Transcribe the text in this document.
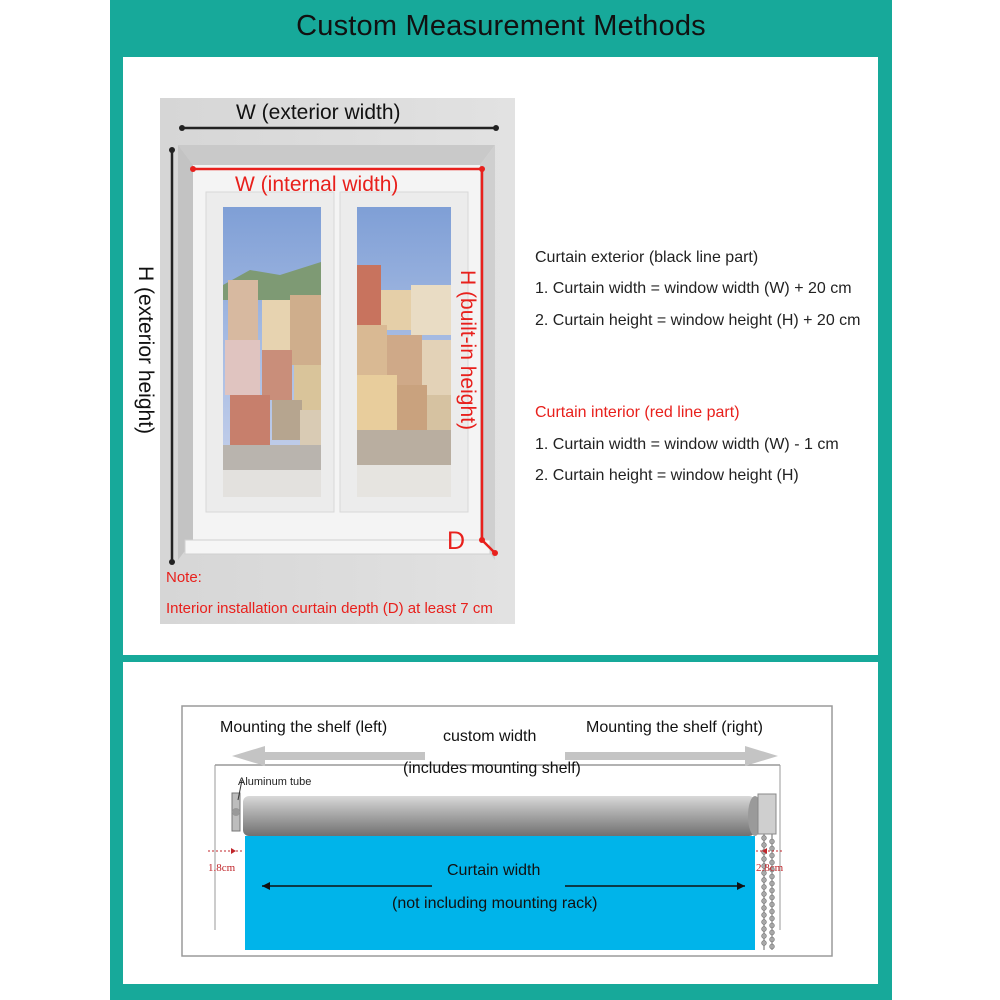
Custom Measurement Methods
W (exterior width)
W (internal width)
H (exterior height)	H (built-in height)
D
Note:
Interior installation curtain depth (D) at least 7 cm
Curtain exterior (black line part)
1. Curtain width = window width (W) + 20 cm
2. Curtain height = window height (H) + 20 cm
Curtain interior (red line part)
1. Curtain width = window width (W) - 1 cm
2. Curtain height = window height (H)
Mounting the shelf (left)	Mounting the shelf (right)
custom width
(includes mounting shelf)
Aluminum tube
1.8cm	2.8cm
Curtain width
(not including mounting rack)
